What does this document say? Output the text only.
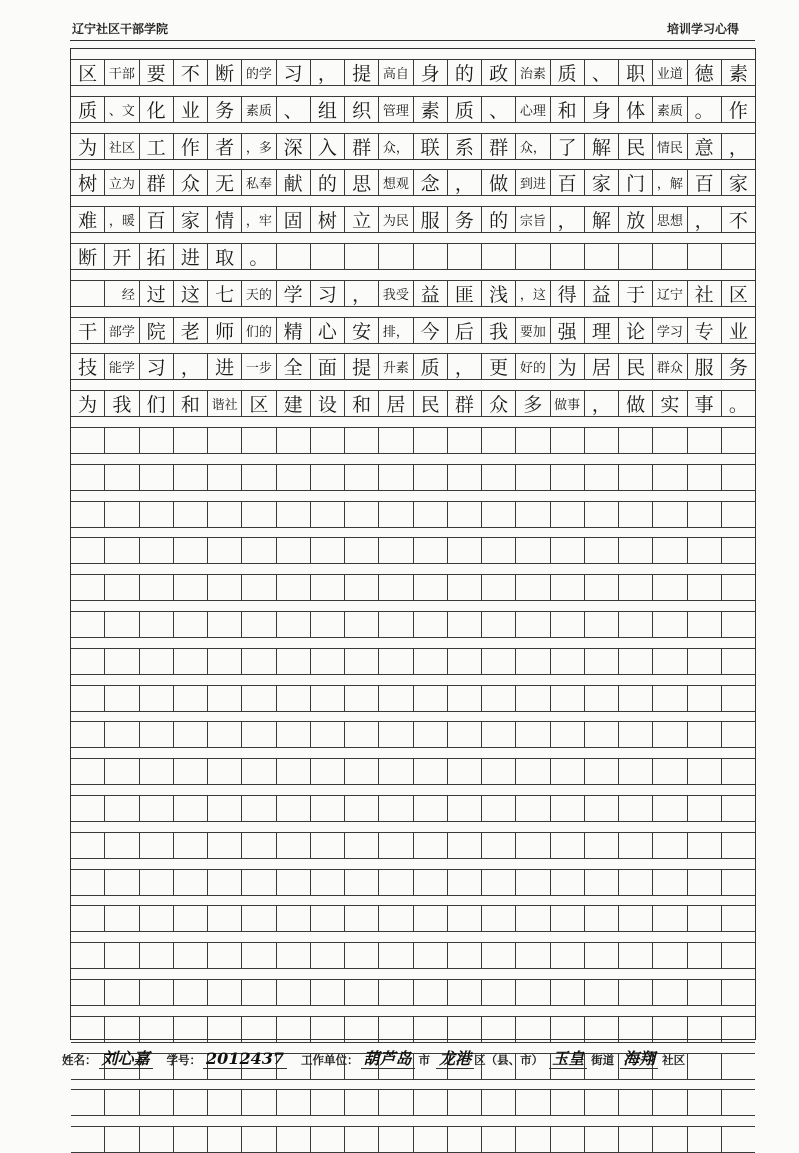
辽宁社区干部学院	培训学习心得
区 干部 要 不 断 的学 习 ， 提 高自 身 的 政 治素 质 、 职 业道 德 素
质 、文 化 业 务 素质 、 组 织 管理 素 质 、 心理 和 身 体 素质 。 作
为 社区 工 作 者 ，多 深 入 群 众， 联 系 群 众， 了 解 民 情民 意 ，
树 立为 群 众 无 私奉 献 的 思 想观 念 ， 做 到进 百 家 门 ，解 百 家
难 ，暖 百 家 情 ，牢 固 树 立 为民 服 务 的 宗旨 ， 解 放 思想 ， 不
断 开 拓 进 取 。

　经 过 这 七 天的 学 习 ， 我受 益 匪 浅 ，这 得 益 于 辽宁 社 区
干 部学 院 老 师 们的 精 心 安 排， 今 后 我 要加 强 理 论 学习 专 业
技 能学 习 ， 进 一步 全 面 提 升素 质 ， 更 好的 为 居 民 群众 服 务
为 我 们 和 谐社 区 建 设 和 居 民 群 众 多 做事 ， 做 实 事 。
姓名： 刘心嘉 学号： 2012437 工作单位： 葫芦岛 市 龙港 区（县、市） 玉皇 街道 海翔 社区
